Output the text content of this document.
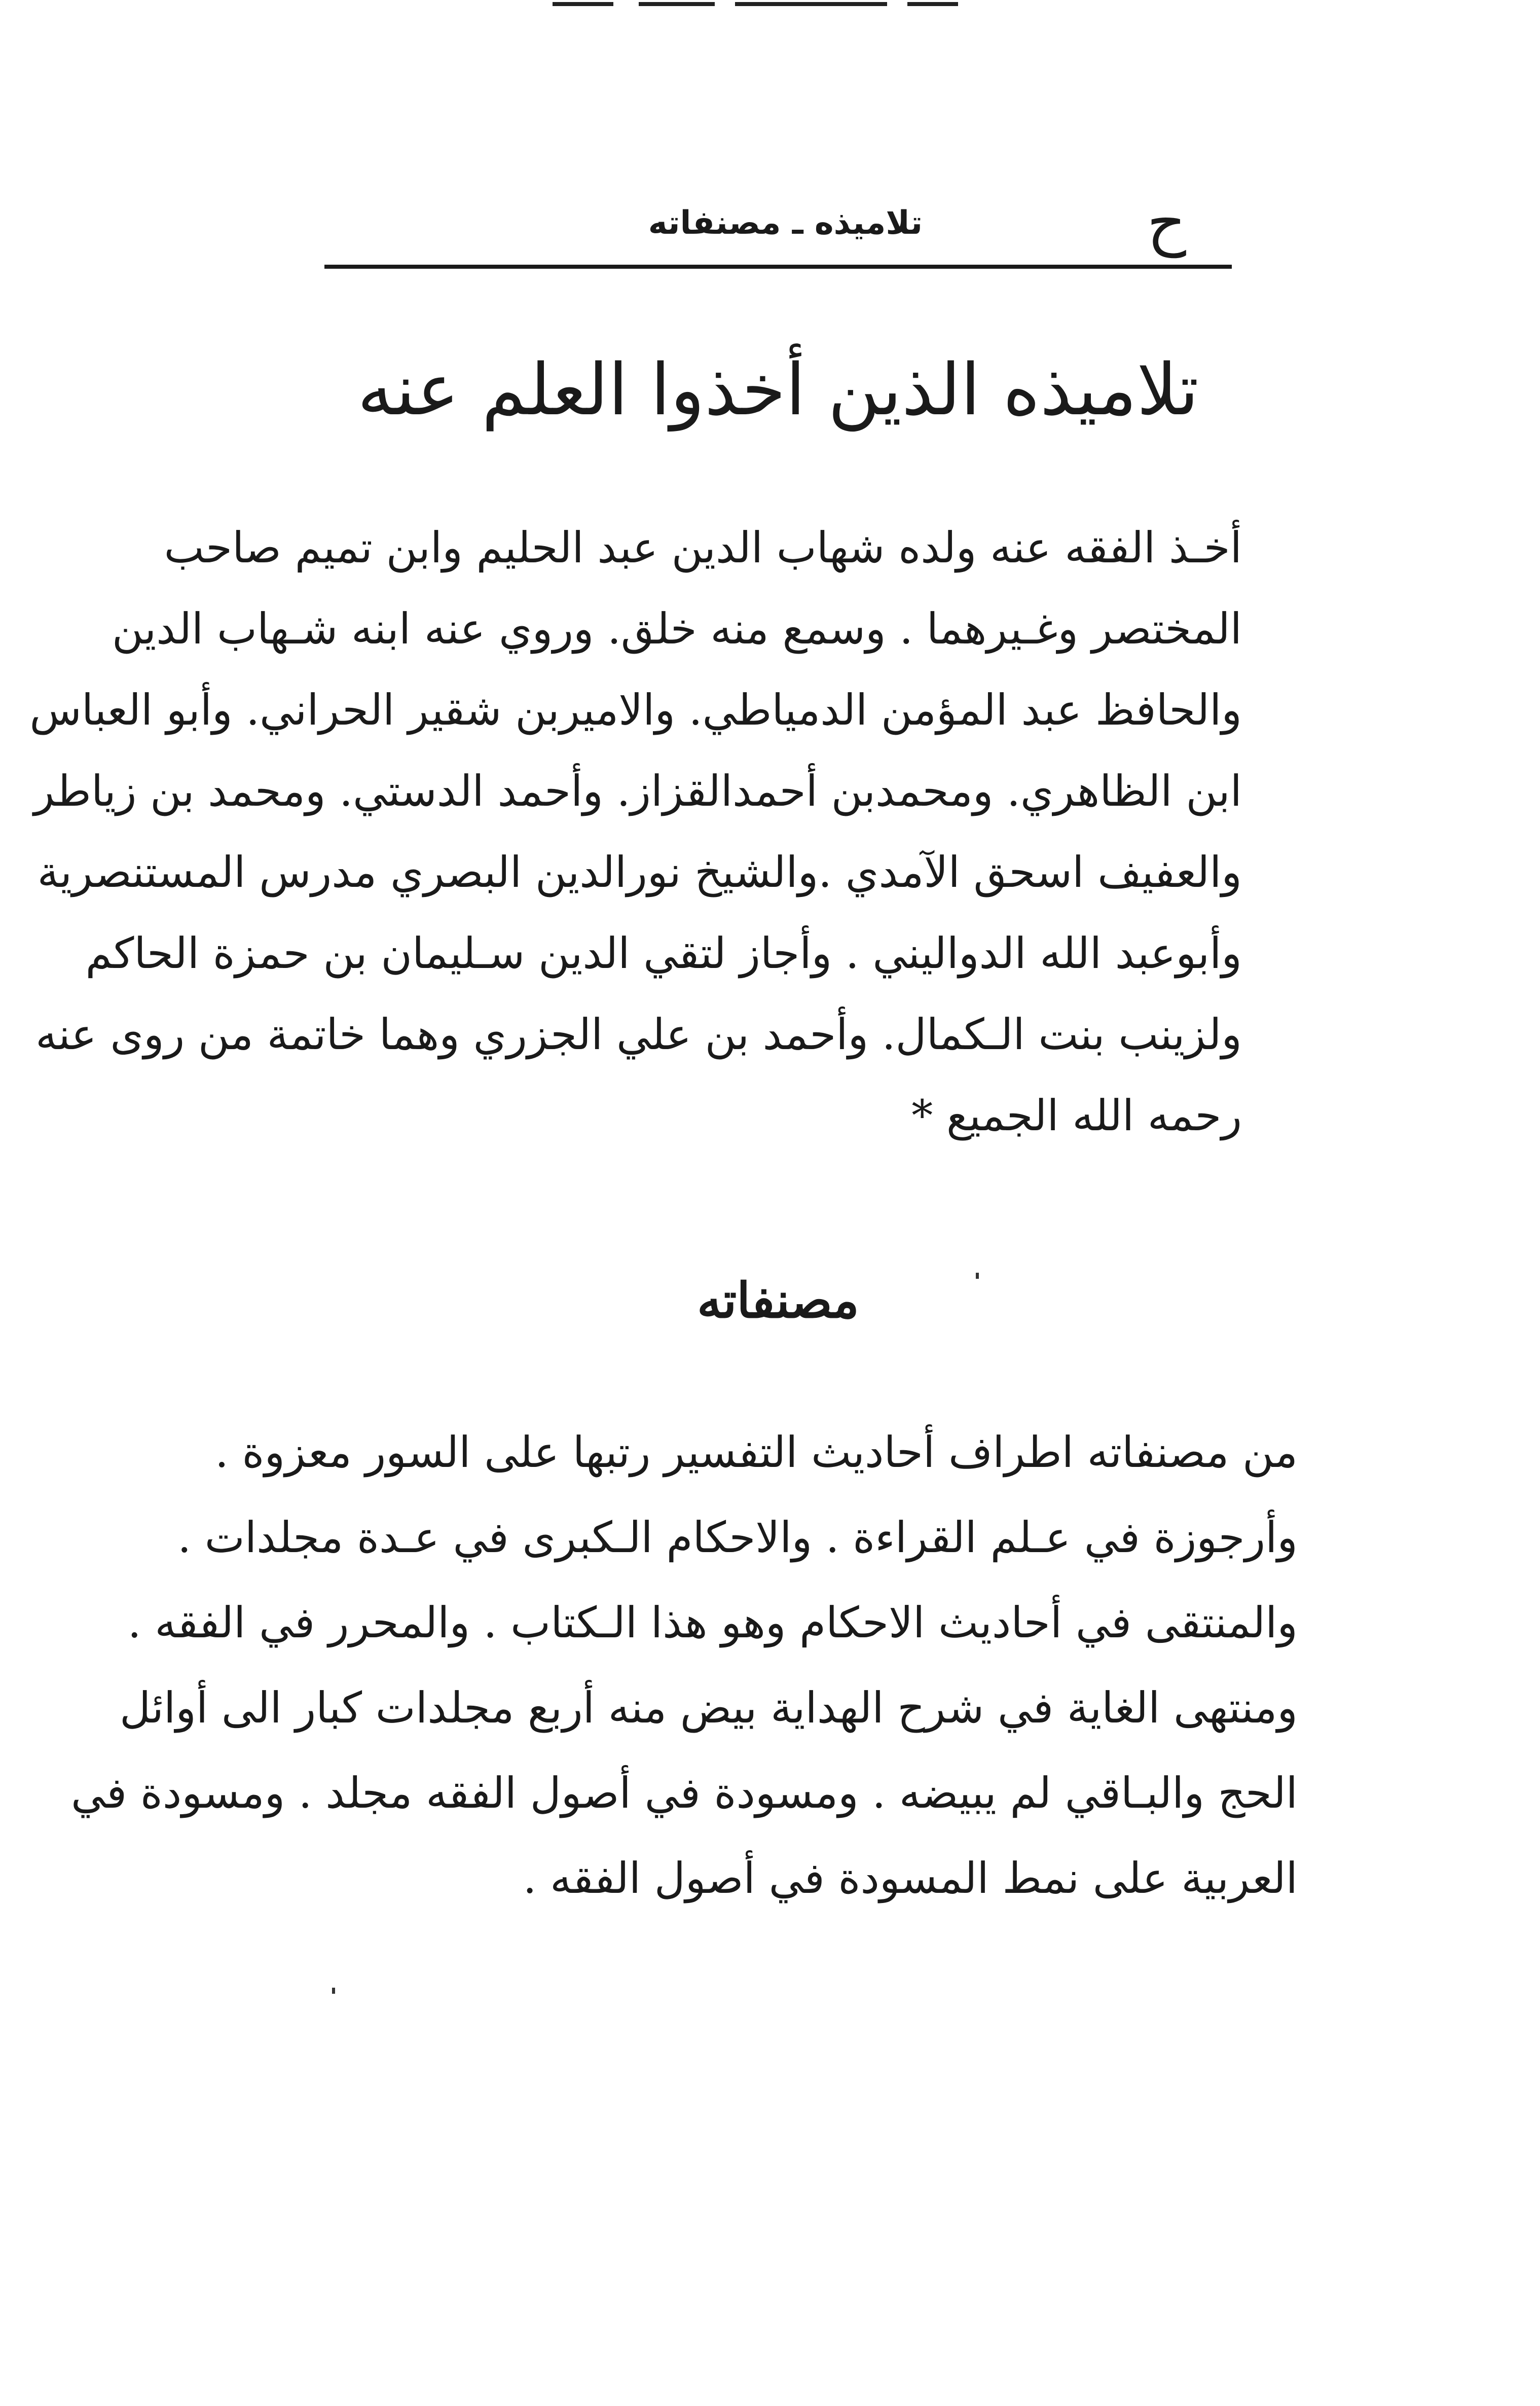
ح
تلاميذه ـ مصنفاته
تلاميذه الذين أخذوا العلم عنه
أخـذ الفقه عنه ولده شهاب الدين عبد الحليم وابن تميم صاحب
المختصر وغـيرهما . وسمع منه خلق. وروي عنه ابنه شـهاب الدين
والحافظ عبد المؤمن الدمياطي. والاميربن شقير الحراني. وأبو العباس
ابن الظاهري. ومحمدبن أحمدالقزاز. وأحمد الدستي. ومحمد بن زياطر
والعفيف اسحق الآمدي .والشيخ نورالدين البصري مدرس المستنصرية
وأبوعبد الله الدواليني . وأجاز لتقي الدين سـليمان بن حمزة الحاكم
ولزينب بنت الـكمال. وأحمد بن علي الجزري وهما خاتمة من روى عنه
رحمه الله الجميع *
مصنفاته
من مصنفاته اطراف أحاديث التفسير رتبها على السور معزوة .
وأرجوزة في عـلم القراءة . والاحكام الـكبرى في عـدة مجلدات .
والمنتقى في أحاديث الاحكام وهو هذا الـكتاب . والمحرر في الفقه .
ومنتهى الغاية في شرح الهداية بيض منه أربع مجلدات كبار الى أوائل
الحج والبـاقي لم يبيضه . ومسودة في أصول الفقه مجلد . ومسودة في
العربية على نمط المسودة في أصول الفقه .
